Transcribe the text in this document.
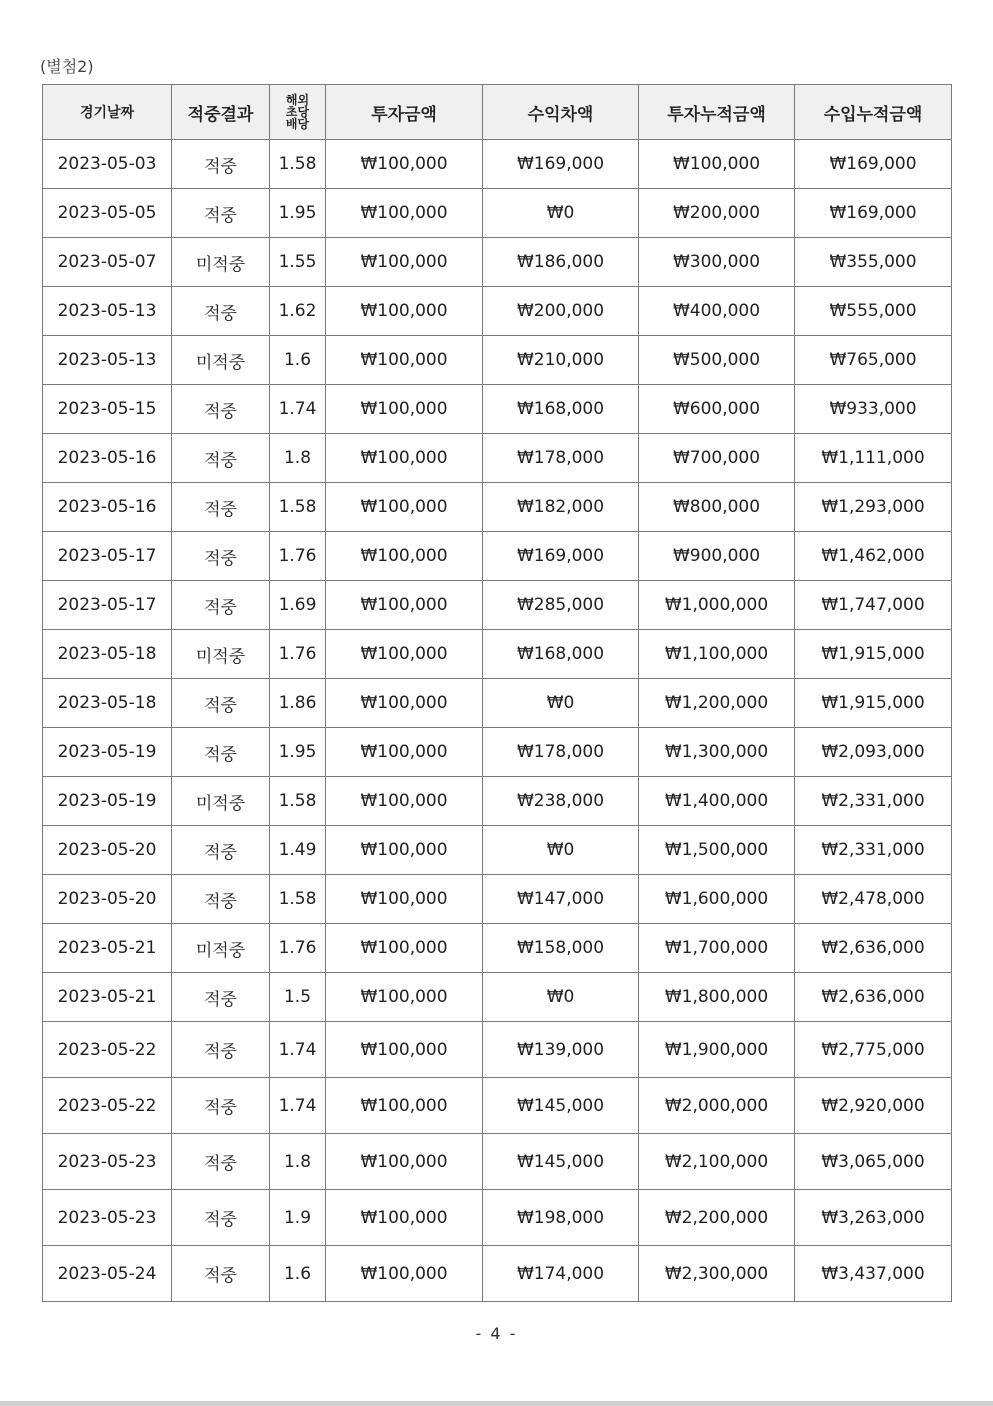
(별첨2)
경기날짜	적중결과	해외
초당
배당	투자금액	수익차액	투자누적금액	수입누적금액
2023-05-03	적중	1.58	₩100,000	₩169,000	₩100,000	₩169,000
2023-05-05	적중	1.95	₩100,000	₩0	₩200,000	₩169,000
2023-05-07	미적중	1.55	₩100,000	₩186,000	₩300,000	₩355,000
2023-05-13	적중	1.62	₩100,000	₩200,000	₩400,000	₩555,000
2023-05-13	미적중	1.6	₩100,000	₩210,000	₩500,000	₩765,000
2023-05-15	적중	1.74	₩100,000	₩168,000	₩600,000	₩933,000
2023-05-16	적중	1.8	₩100,000	₩178,000	₩700,000	₩1,111,000
2023-05-16	적중	1.58	₩100,000	₩182,000	₩800,000	₩1,293,000
2023-05-17	적중	1.76	₩100,000	₩169,000	₩900,000	₩1,462,000
2023-05-17	적중	1.69	₩100,000	₩285,000	₩1,000,000	₩1,747,000
2023-05-18	미적중	1.76	₩100,000	₩168,000	₩1,100,000	₩1,915,000
2023-05-18	적중	1.86	₩100,000	₩0	₩1,200,000	₩1,915,000
2023-05-19	적중	1.95	₩100,000	₩178,000	₩1,300,000	₩2,093,000
2023-05-19	미적중	1.58	₩100,000	₩238,000	₩1,400,000	₩2,331,000
2023-05-20	적중	1.49	₩100,000	₩0	₩1,500,000	₩2,331,000
2023-05-20	적중	1.58	₩100,000	₩147,000	₩1,600,000	₩2,478,000
2023-05-21	미적중	1.76	₩100,000	₩158,000	₩1,700,000	₩2,636,000
2023-05-21	적중	1.5	₩100,000	₩0	₩1,800,000	₩2,636,000
2023-05-22	적중	1.74	₩100,000	₩139,000	₩1,900,000	₩2,775,000
2023-05-22	적중	1.74	₩100,000	₩145,000	₩2,000,000	₩2,920,000
2023-05-23	적중	1.8	₩100,000	₩145,000	₩2,100,000	₩3,065,000
2023-05-23	적중	1.9	₩100,000	₩198,000	₩2,200,000	₩3,263,000
2023-05-24	적중	1.6	₩100,000	₩174,000	₩2,300,000	₩3,437,000
- 4 -
